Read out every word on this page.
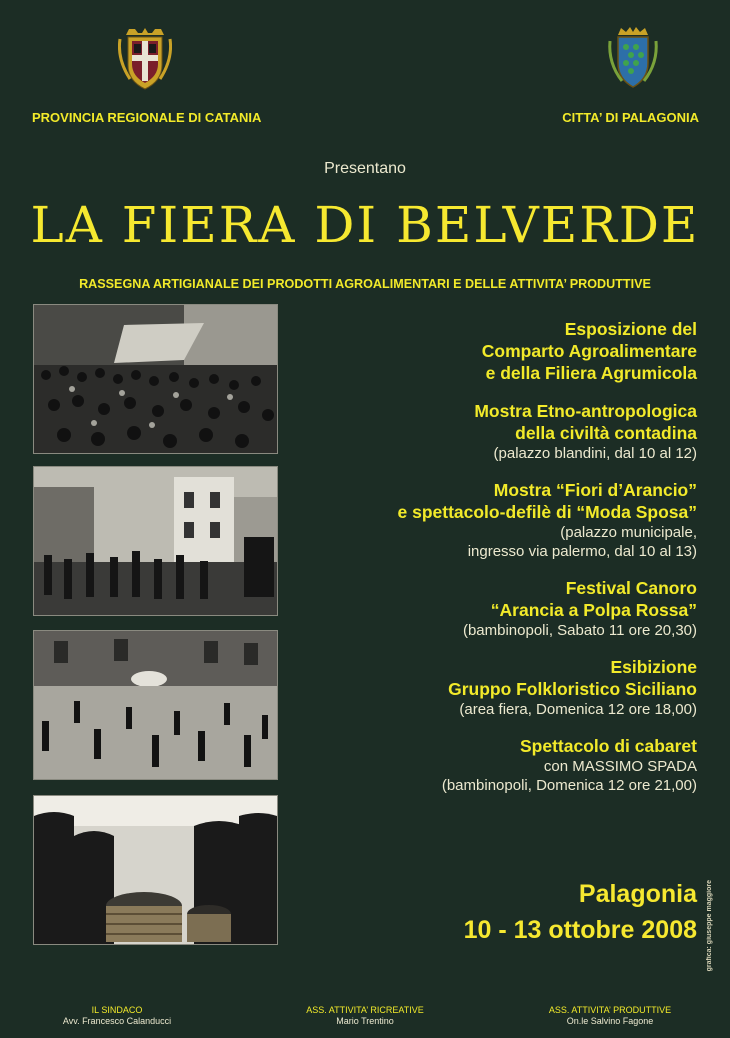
PROVINCIA REGIONALE DI CATANIA	CITTA’ DI PALAGONIA
Presentano
LA FIERA DI BELVERDE
RASSEGNA ARTIGIANALE DEI PRODOTTI AGROALIMENTARI E DELLE ATTIVITA’ PRODUTTIVE
Esposizione del
Comparto Agroalimentare
e della Filiera Agrumicola
Mostra Etno-antropologica
della civiltà contadina
(palazzo blandini, dal 10 al 12)
Mostra “Fiori d’Arancio”
e spettacolo-defilè di “Moda Sposa”
(palazzo municipale,
ingresso via palermo, dal 10 al 13)
Festival Canoro
“Arancia a Polpa Rossa”
(bambinopoli, Sabato 11 ore 20,30)
Esibizione
Gruppo Folkloristico Siciliano
(area fiera, Domenica 12 ore 18,00)
Spettacolo di cabaret
con MASSIMO SPADA
(bambinopoli, Domenica 12 ore 21,00)
Palagonia
10 - 13 ottobre 2008 grafica: giuseppe maggiore
IL SINDACO
Avv. Francesco Calanducci
ASS. ATTIVITA’ RICREATIVE
Mario Trentino
ASS. ATTIVITA’ PRODUTTIVE
On.le Salvino Fagone
